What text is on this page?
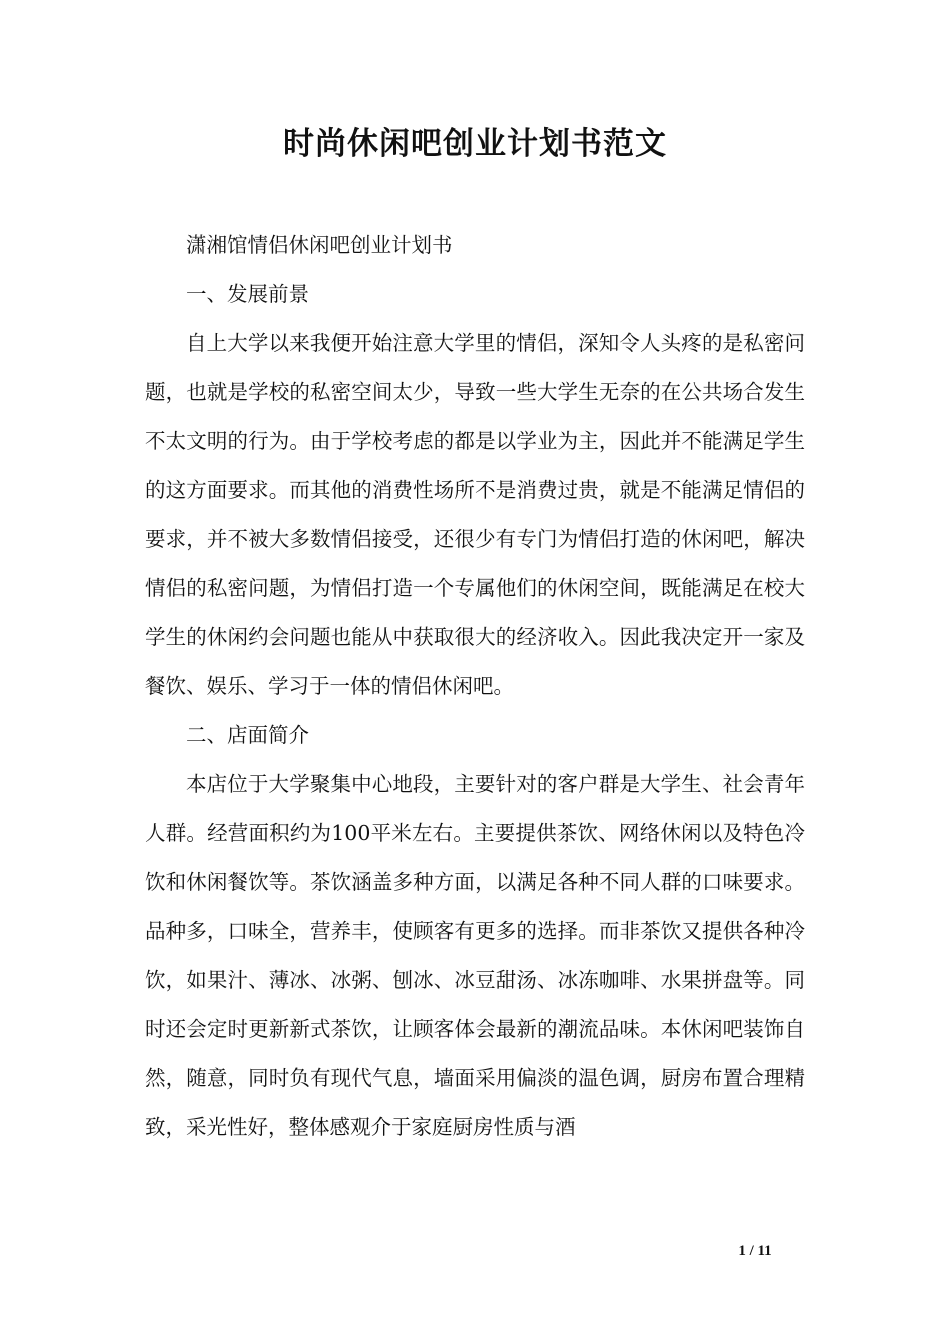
时尚休闲吧创业计划书范文

潇湘馆情侣休闲吧创业计划书

一、发展前景

自上大学以来我便开始注意大学里的情侣，深知令人头疼的是私密问题，也就是学校的私密空间太少，导致一些大学生无奈的在公共场合发生不太文明的行为。由于学校考虑的都是以学业为主，因此并不能满足学生的这方面要求。而其他的消费性场所不是消费过贵，就是不能满足情侣的要求，并不被大多数情侣接受，还很少有专门为情侣打造的休闲吧，解决情侣的私密问题，为情侣打造一个专属他们的休闲空间，既能满足在校大学生的休闲约会问题也能从中获取很大的经济收入。因此我决定开一家及餐饮、娱乐、学习于一体的情侣休闲吧。

二、店面简介

本店位于大学聚集中心地段，主要针对的客户群是大学生、社会青年人群。经营面积约为100平米左右。主要提供茶饮、网络休闲以及特色冷饮和休闲餐饮等。茶饮涵盖多种方面，以满足各种不同人群的口味要求。品种多，口味全，营养丰，使顾客有更多的选择。而非茶饮又提供各种冷饮，如果汁、薄冰、冰粥、刨冰、冰豆甜汤、冰冻咖啡、水果拼盘等。同时还会定时更新新式茶饮，让顾客体会最新的潮流品味。本休闲吧装饰自然，随意，同时负有现代气息，墙面采用偏淡的温色调，厨房布置合理精致，采光性好，整体感观介于家庭厨房性质与酒

1 / 11
